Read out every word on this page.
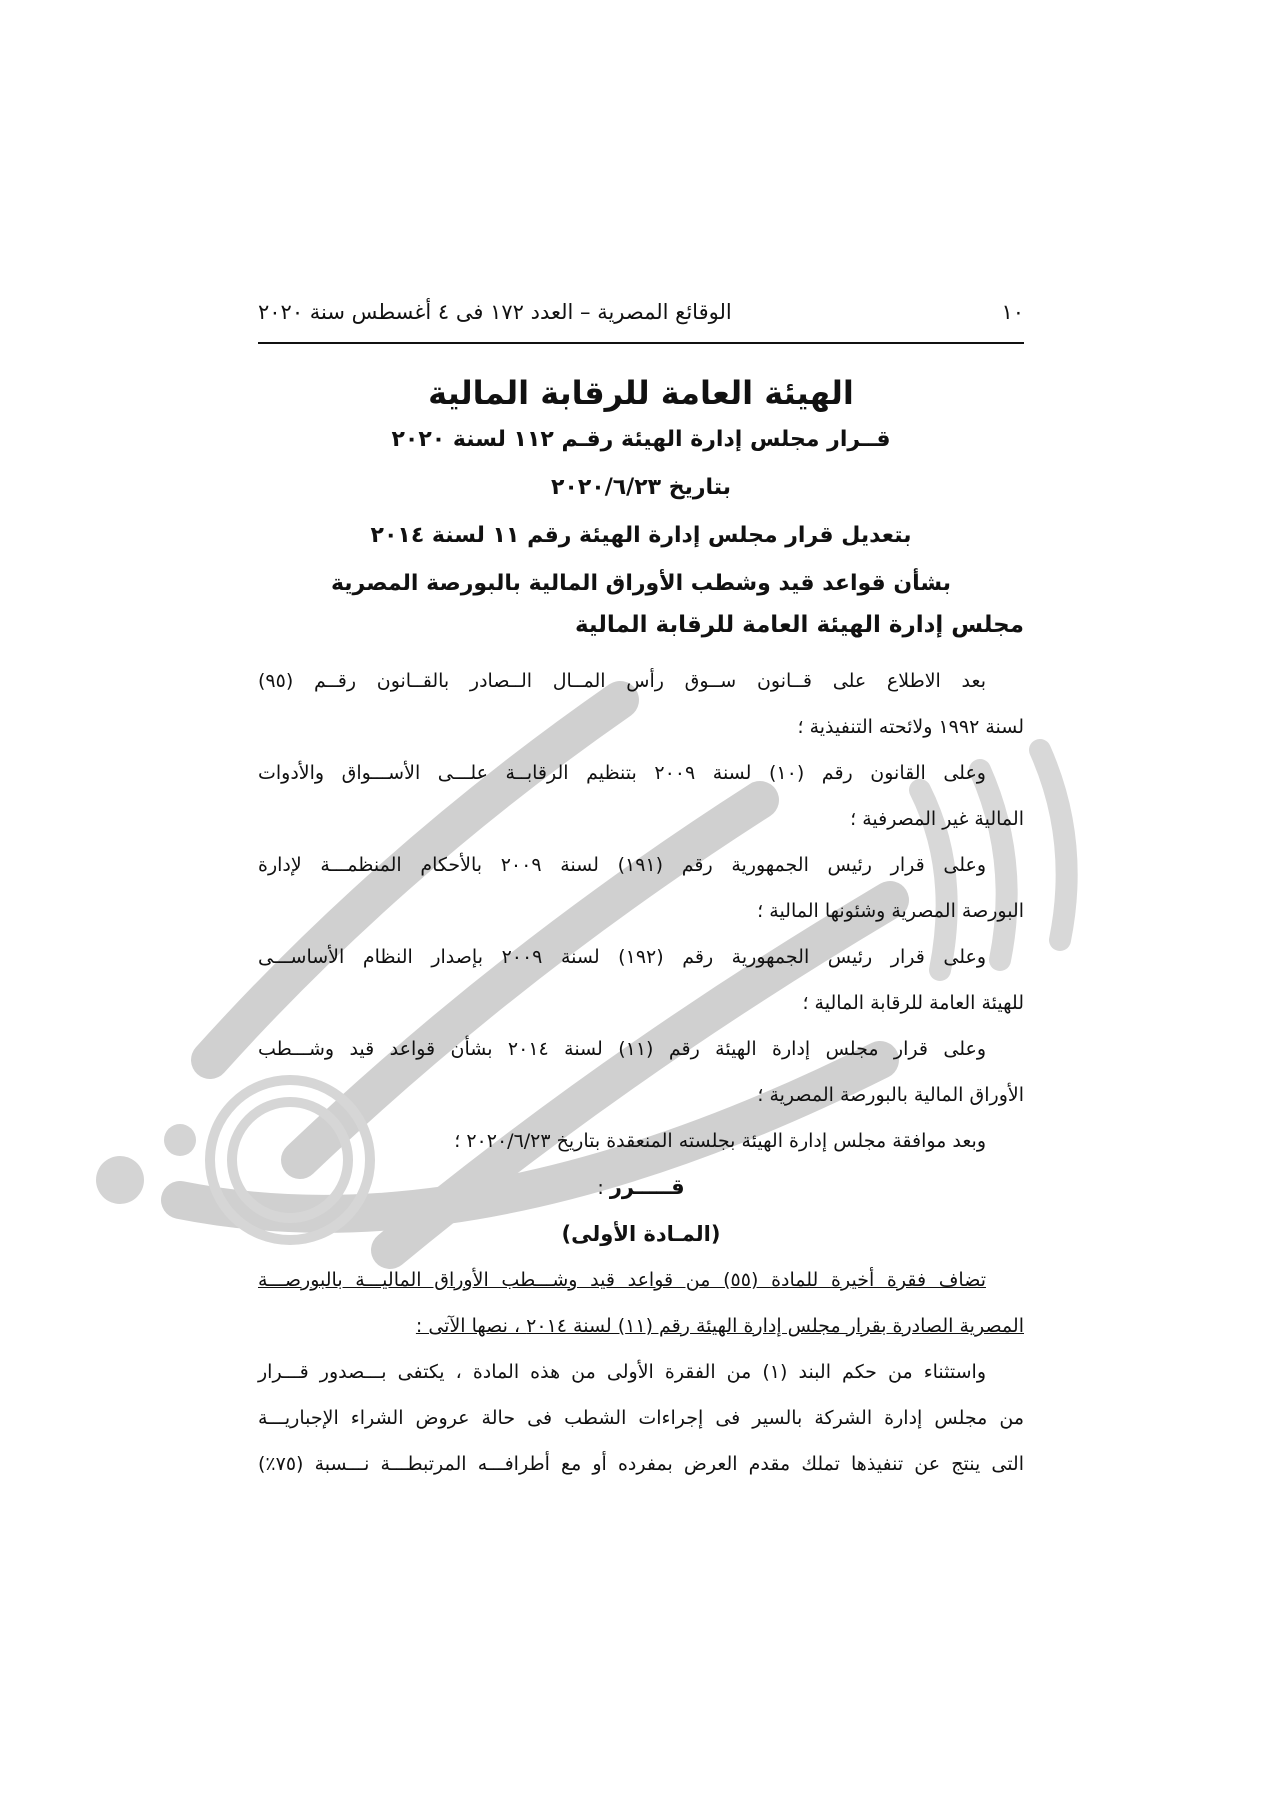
١٠
الوقائع المصرية – العدد ١٧٢ فى ٤ أغسطس سنة ٢٠٢٠
الهيئة العامة للرقابة المالية
قــرار مجلس إدارة الهيئة رقـم ١١٢ لسنة ٢٠٢٠
بتاريخ ٢٠٢٠/٦/٢٣
بتعديل قرار مجلس إدارة الهيئة رقم ١١ لسنة ٢٠١٤
بشأن قواعد قيد وشطب الأوراق المالية بالبورصة المصرية
مجلس إدارة الهيئة العامة للرقابة المالية
بعد الاطلاع على قــانون ســوق رأس المــال الــصادر بالقــانون رقــم (٩٥)
لسنة ١٩٩٢ ولائحته التنفيذية ؛
وعلى القانون رقم (١٠) لسنة ٢٠٠٩ بتنظيم الرقابــة علـــى الأســـواق والأدوات
المالية غير المصرفية ؛
وعلى قرار رئيس الجمهورية رقم (١٩١) لسنة ٢٠٠٩ بالأحكام المنظمـــة لإدارة
البورصة المصرية وشئونها المالية ؛
وعلى قرار رئيس الجمهورية رقم (١٩٢) لسنة ٢٠٠٩ بإصدار النظام الأساســـى
للهيئة العامة للرقابة المالية ؛
وعلى قرار مجلس إدارة الهيئة رقم (١١) لسنة ٢٠١٤ بشأن قواعد قيد وشـــطب
الأوراق المالية بالبورصة المصرية ؛
وبعد موافقة مجلس إدارة الهيئة بجلسته المنعقدة بتاريخ ٢٠٢٠/٦/٢٣ ؛
قـــــرر :
(المـادة الأولى)
تضاف فقرة أخيرة للمادة (٥٥) من قواعد قيد وشـــطب الأوراق الماليـــة بالبورصـــة
المصرية الصادرة بقرار مجلس إدارة الهيئة رقم (١١) لسنة ٢٠١٤ ، نصها الآتى :
واستثناء من حكم البند (١) من الفقرة الأولى من هذه المادة ، يكتفى بـــصدور قـــرار
من مجلس إدارة الشركة بالسير فى إجراءات الشطب فى حالة عروض الشراء الإجباريـــة
التى ينتج عن تنفيذها تملك مقدم العرض بمفرده أو مع أطرافـــه المرتبطـــة نـــسبة (٧٥٪)
